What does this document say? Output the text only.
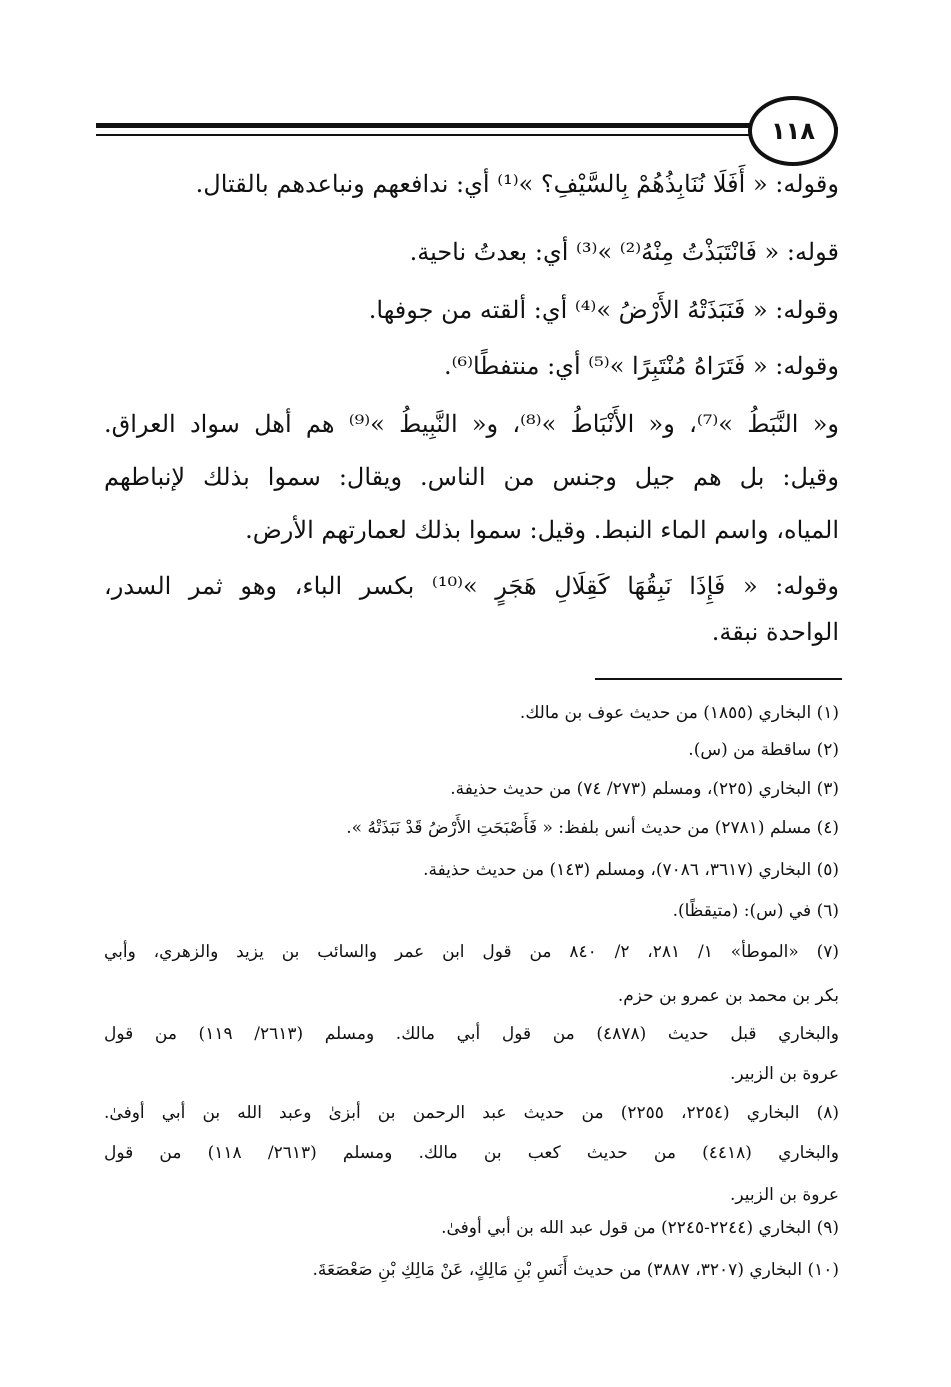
١١٨
وقوله: « أَفَلَا نُنَابِذُهُمْ بِالسَّيْفِ؟ »⁽¹⁾ أي: ندافعهم ونباعدهم بالقتال.
قوله: « فَانْتَبَذْتُ مِنْهُ⁽²⁾ »⁽³⁾ أي: بعدتُ ناحية.
وقوله: « فَنَبَذَتْهُ الأَرْضُ »⁽⁴⁾ أي: ألقته من جوفها.
وقوله: « فَتَرَاهُ مُنْتَبِرًا »⁽⁵⁾ أي: منتفطًا⁽⁶⁾.
و« النَّبَطُ »⁽⁷⁾، و« الأَنْبَاطُ »⁽⁸⁾، و« النَّبِيطُ »⁽⁹⁾ هم أهل سواد العراق.
وقيل: بل هم جيل وجنس من الناس. ويقال: سموا بذلك لإنباطهم
المياه، واسم الماء النبط. وقيل: سموا بذلك لعمارتهم الأرض.
وقوله: « فَإِذَا نَبِقُهَا كَقِلَالِ هَجَرٍ »⁽¹⁰⁾ بكسر الباء، وهو ثمر السدر،
الواحدة نبقة.
(١) البخاري (١٨٥٥) من حديث عوف بن مالك.
(٢) ساقطة من (س).
(٣) البخاري (٢٢٥)، ومسلم (٢٧٣/ ٧٤) من حديث حذيفة.
(٤) مسلم (٢٧٨١) من حديث أنس بلفظ: « فَأَصْبَحَتِ الأَرْضُ قَدْ نَبَذَتْهُ ».
(٥) البخاري (٣٦١٧، ٧٠٨٦)، ومسلم (١٤٣) من حديث حذيفة.
(٦) في (س): (متيقظًا).
(٧) «الموطأ» ١/ ٢٨١، ٢/ ٨٤٠ من قول ابن عمر والسائب بن يزيد والزهري، وأبي
بكر بن محمد بن عمرو بن حزم.
والبخاري قبل حديث (٤٨٧٨) من قول أبي مالك. ومسلم (٢٦١٣/ ١١٩) من قول
عروة بن الزبير.
(٨) البخاري (٢٢٥٤، ٢٢٥٥) من حديث عبد الرحمن بن أبزىٰ وعبد الله بن أبي أوفىٰ.
والبخاري (٤٤١٨) من حديث كعب بن مالك. ومسلم (٢٦١٣/ ١١٨) من قول
عروة بن الزبير.
(٩) البخاري (٢٢٤٤-٢٢٤٥) من قول عبد الله بن أبي أوفىٰ.
(١٠) البخاري (٣٢٠٧، ٣٨٨٧) من حديث أَنَسِ بْنِ مَالِكٍ، عَنْ مَالِكِ بْنِ صَعْصَعَةَ.
